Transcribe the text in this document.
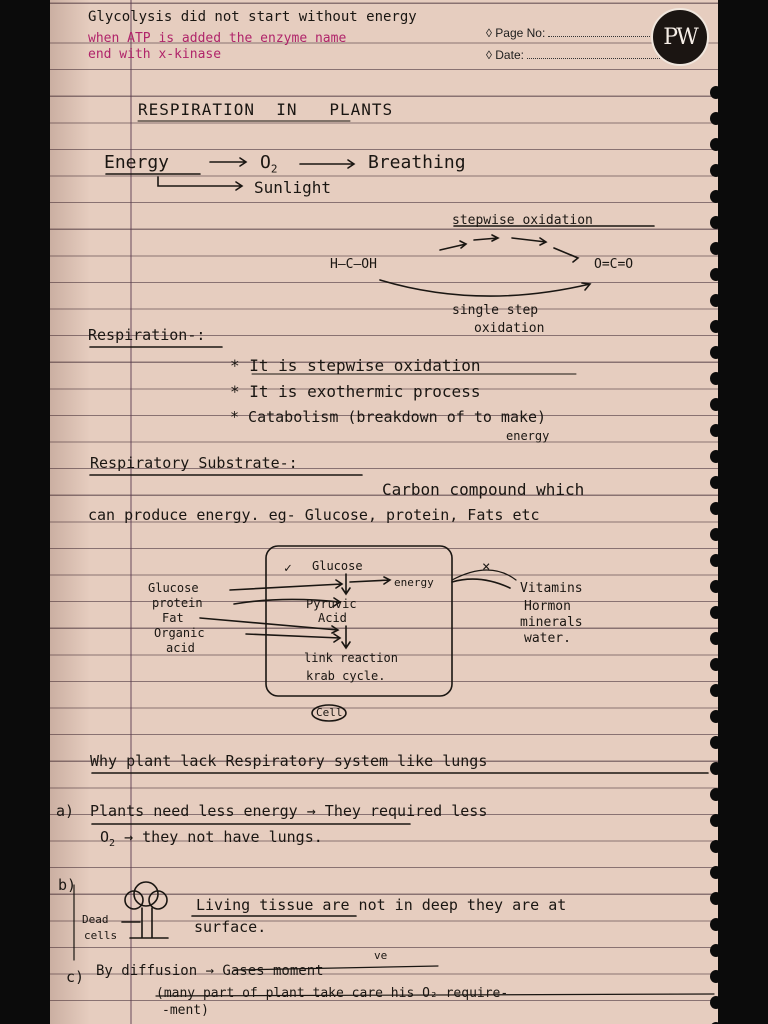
Glycolysis did not start without energy
when ATP is added the enzyme name
end with x-kinase
◊ Page No:
◊ Date:
PW
RESPIRATION  IN   PLANTS
Energy	$O_2$	Breathing
Sunlight
stepwise oxidation
H—C—OH	O=C=O
single step
oxidation
Respiration-:
* It is stepwise oxidation
* It is exothermic process
* Catabolism (breakdown of to make)
energy
Respiratory Substrate-:
Carbon compound which
can produce energy. eg- Glucose, protein, Fats etc
Glucose
protein
Fat
Organic
acid
Glucose
energy
Pyruvic
Acid
link reaction
krab cycle.
✓	×
Vitamins
Hormon
minerals
water.
Cell
Why plant lack Respiratory system like lungs
a) Plants need less energy → They required less
$O_2$ → they not have lungs.
b)
Dead
cells
Living tissue are not in deep they are at
surface.
c)
ve
By diffusion → Gases moment
(many part of plant take care his O₂ require-
-ment)
